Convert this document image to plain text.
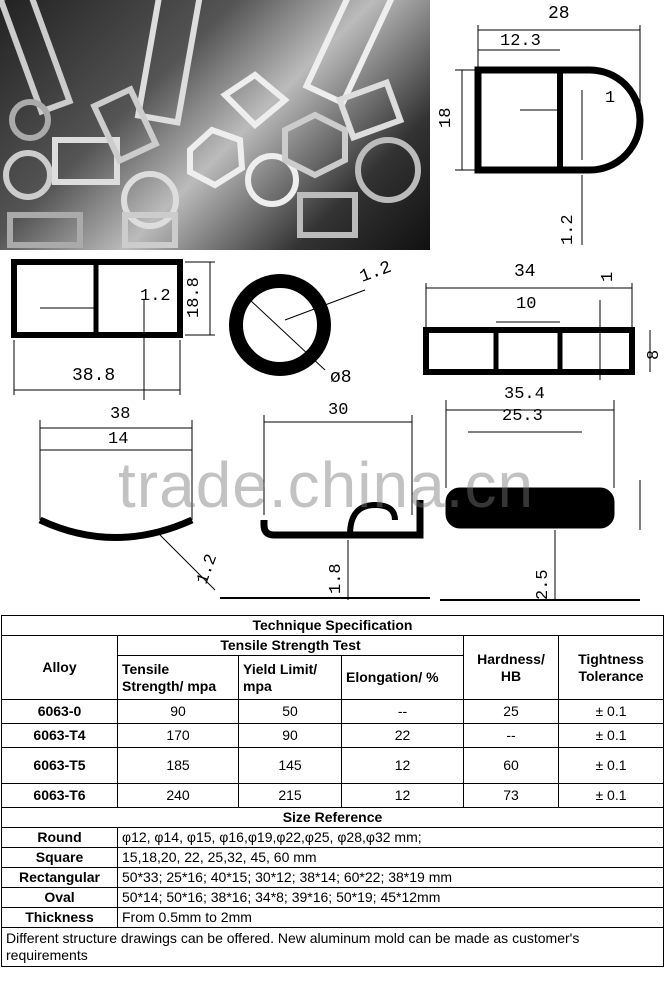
28
12.3
18
1
1.2
1.2 18.8
38.8
1.2
ø8
34	1
10
8
38
14
1.2
30
1.8
35.4
25.3
2.5
trade.china.cn
Technique Specification					
Alloy	Tensile Strength Test			Hardness/ HB	Tightness Tolerance
	Tensile Strength/ mpa	Yield Limit/ mpa	Elongation/ %		
6063-0	90	50	--	25	± 0.1
6063-T4	170	90	22	--	± 0.1
6063-T5	185	145	12	60	± 0.1
6063-T6	240	215	12	73	± 0.1
Size Reference					
Round	φ12, φ14, φ15, φ16,φ19,φ22,φ25, φ28,φ32 mm;				
Square	15,18,20, 22, 25,32, 45, 60 mm				
Rectangular	50*33; 25*16; 40*15; 30*12; 38*14; 60*22; 38*19 mm				
Oval	50*14; 50*16; 38*16; 34*8; 39*16; 50*19; 45*12mm				
Thickness	From 0.5mm to 2mm				
Different structure drawings can be offered. New aluminum mold can be made as customer's requirements					
